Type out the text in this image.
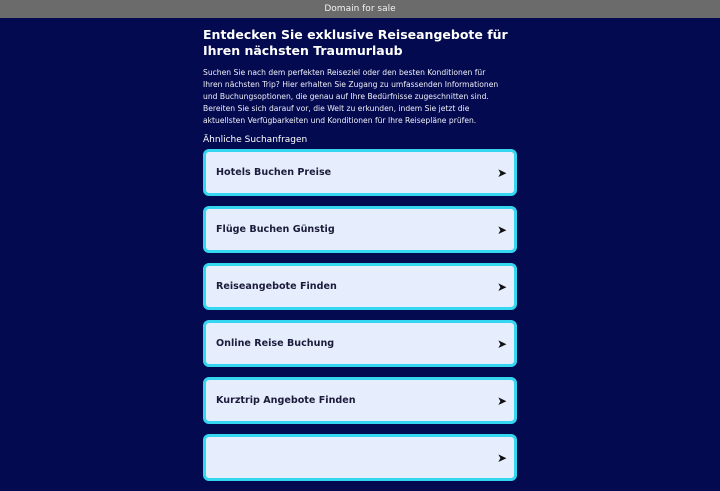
Domain for sale
Entdecken Sie exklusive Reiseangebote für Ihren nächsten Traumurlaub
Suchen Sie nach dem perfekten Reiseziel oder den besten Konditionen für
Ihren nächsten Trip? Hier erhalten Sie Zugang zu umfassenden Informationen
und Buchungsoptionen, die genau auf Ihre Bedürfnisse zugeschnitten sind.
Bereiten Sie sich darauf vor, die Welt zu erkunden, indem Sie jetzt die
aktuellsten Verfügbarkeiten und Konditionen für Ihre Reisepläne prüfen.
Ähnliche Suchanfragen
Hotels Buchen Preise	➤
Flüge Buchen Günstig	➤
Reiseangebote Finden	➤
Online Reise Buchung	➤
Kurztrip Angebote Finden	➤
➤
